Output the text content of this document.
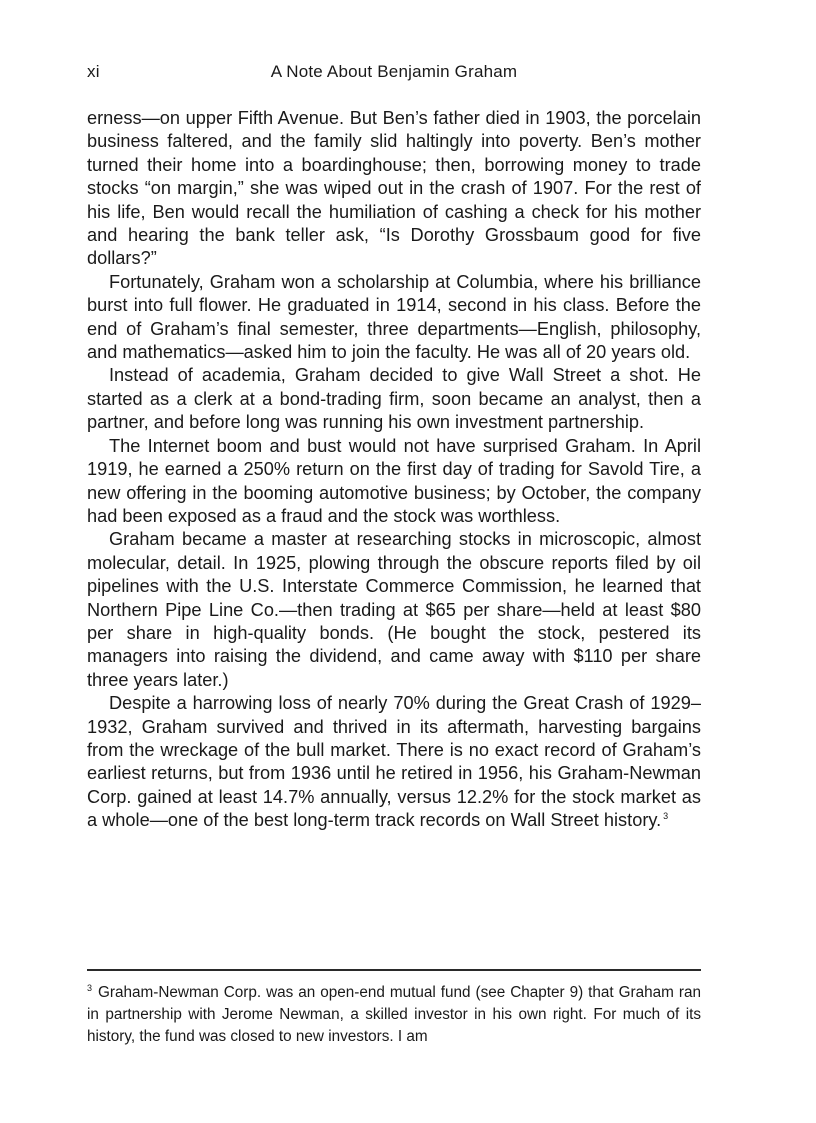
xi	A Note About Benjamin Graham

erness—on upper Fifth Avenue. But Ben’s father died in 1903, the porcelain business faltered, and the family slid haltingly into poverty. Ben’s mother turned their home into a boardinghouse; then, borrowing money to trade stocks “on margin,” she was wiped out in the crash of 1907. For the rest of his life, Ben would recall the humiliation of cashing a check for his mother and hearing the bank teller ask, “Is Dorothy Grossbaum good for five dollars?”

Fortunately, Graham won a scholarship at Columbia, where his brilliance burst into full flower. He graduated in 1914, second in his class. Before the end of Graham’s final semester, three departments—English, philosophy, and mathematics—asked him to join the faculty. He was all of 20 years old.

Instead of academia, Graham decided to give Wall Street a shot. He started as a clerk at a bond-trading firm, soon became an analyst, then a partner, and before long was running his own investment partnership.

The Internet boom and bust would not have surprised Graham. In April 1919, he earned a 250% return on the first day of trading for Savold Tire, a new offering in the booming automotive business; by October, the company had been exposed as a fraud and the stock was worthless.

Graham became a master at researching stocks in microscopic, almost molecular, detail. In 1925, plowing through the obscure reports filed by oil pipelines with the U.S. Interstate Commerce Commission, he learned that Northern Pipe Line Co.—then trading at $65 per share—held at least $80 per share in high-quality bonds. (He bought the stock, pestered its managers into raising the dividend, and came away with $110 per share three years later.)

Despite a harrowing loss of nearly 70% during the Great Crash of 1929–1932, Graham survived and thrived in its aftermath, harvesting bargains from the wreckage of the bull market. There is no exact record of Graham’s earliest returns, but from 1936 until he retired in 1956, his Graham-Newman Corp. gained at least 14.7% annually, versus 12.2% for the stock market as a whole—one of the best long-term track records on Wall Street history. $^3$

$^3$ Graham-Newman Corp. was an open-end mutual fund (see Chapter 9) that Graham ran in partnership with Jerome Newman, a skilled investor in his own right. For much of its history, the fund was closed to new investors. I am
